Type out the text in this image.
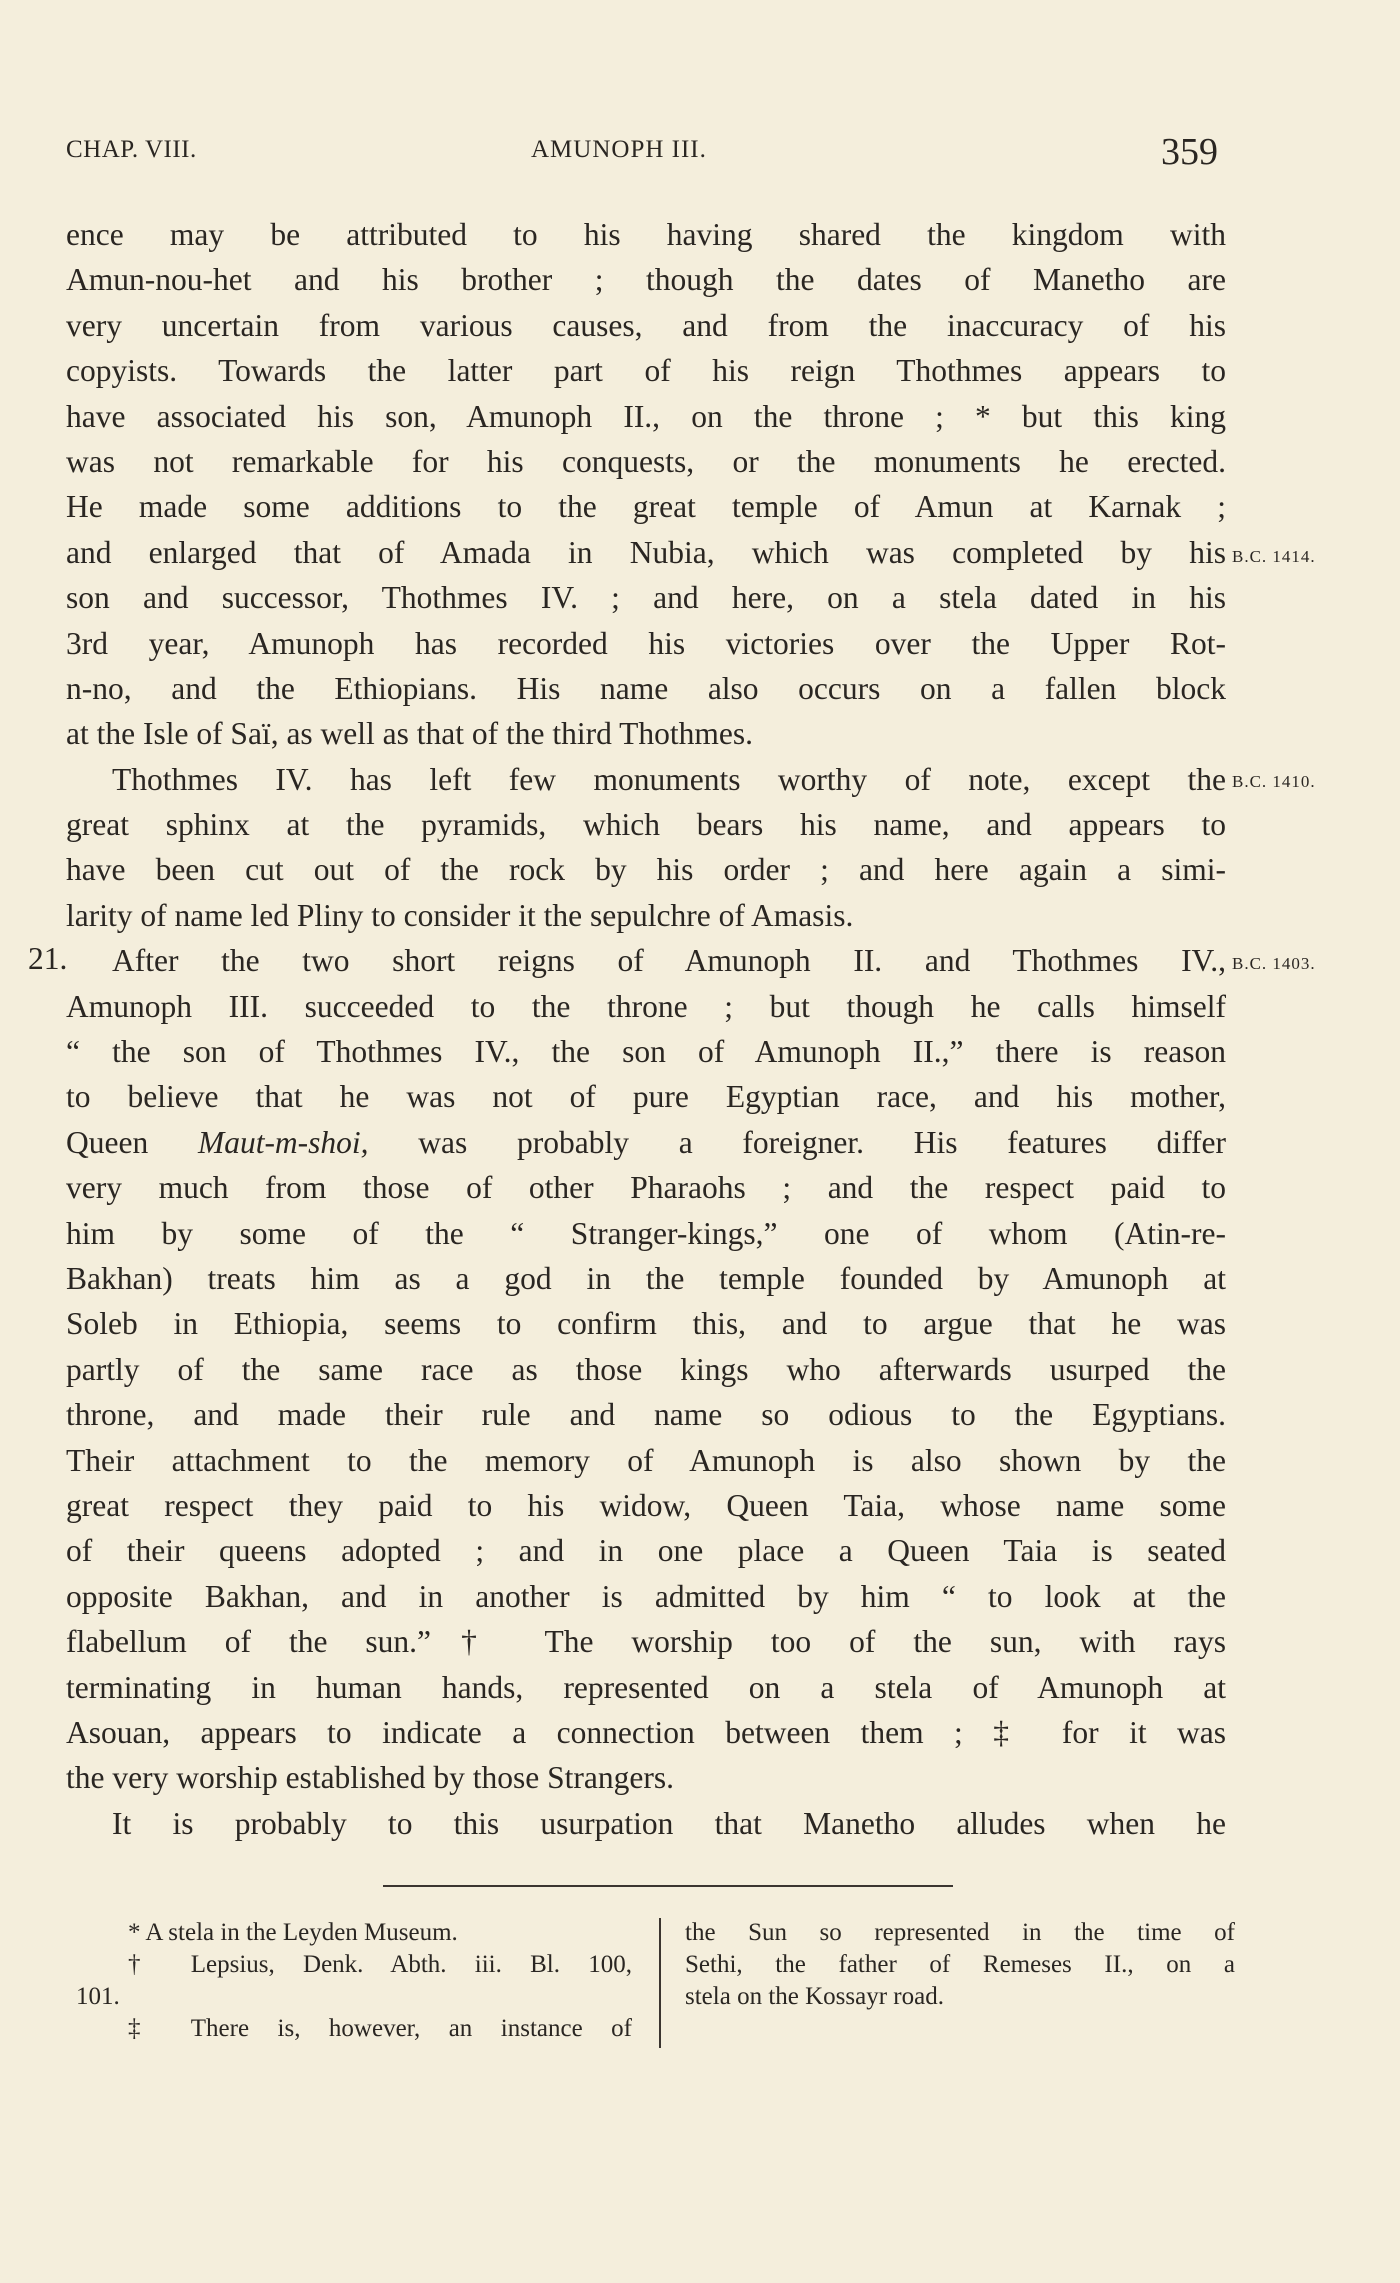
CHAP. VIII.	AMUNOPH III.	359
ence may be attributed to his having shared the kingdom with
Amun-nou-het and his brother ; though the dates of Manetho are
very uncertain from various causes, and from the inaccuracy of his
copyists. Towards the latter part of his reign Thothmes appears to
have associated his son, Amunoph II., on the throne ; * but this king
was not remarkable for his conquests, or the monuments he erected.
He made some additions to the great temple of Amun at Karnak ;
and enlarged that of Amada in Nubia, which was completed by his
son and successor, Thothmes IV. ; and here, on a stela dated in his
3rd year, Amunoph has recorded his victories over the Upper Rot-
n-no, and the Ethiopians. His name also occurs on a fallen block
at the Isle of Saï, as well as that of the third Thothmes.
Thothmes IV. has left few monuments worthy of note, except the
great sphinx at the pyramids, which bears his name, and appears to
have been cut out of the rock by his order ; and here again a simi-
larity of name led Pliny to consider it the sepulchre of Amasis.
After the two short reigns of Amunoph II. and Thothmes IV.,
Amunoph III. succeeded to the throne ; but though he calls himself
“ the son of Thothmes IV., the son of Amunoph II.,” there is reason
to believe that he was not of pure Egyptian race, and his mother,
Queen Maut-m-shoi, was probably a foreigner. His features differ
very much from those of other Pharaohs ; and the respect paid to
him by some of the “ Stranger-kings,” one of whom (Atin-re-
Bakhan) treats him as a god in the temple founded by Amunoph at
Soleb in Ethiopia, seems to confirm this, and to argue that he was
partly of the same race as those kings who afterwards usurped the
throne, and made their rule and name so odious to the Egyptians.
Their attachment to the memory of Amunoph is also shown by the
great respect they paid to his widow, Queen Taia, whose name some
of their queens adopted ; and in one place a Queen Taia is seated
opposite Bakhan, and in another is admitted by him “ to look at the
flabellum of the sun.”† The worship too of the sun, with rays
terminating in human hands, represented on a stela of Amunoph at
Asouan, appears to indicate a connection between them ; ‡ for it was
the very worship established by those Strangers.
It is probably to this usurpation that Manetho alludes when he
B.C. 1414.
B.C. 1410.
B.C. 1403.
21.
* A stela in the Leyden Museum.
† Lepsius, Denk. Abth. iii. Bl. 100,
101.
‡ There is, however, an instance of
the Sun so represented in the time of
Sethi, the father of Remeses II., on a
stela on the Kossayr road.
